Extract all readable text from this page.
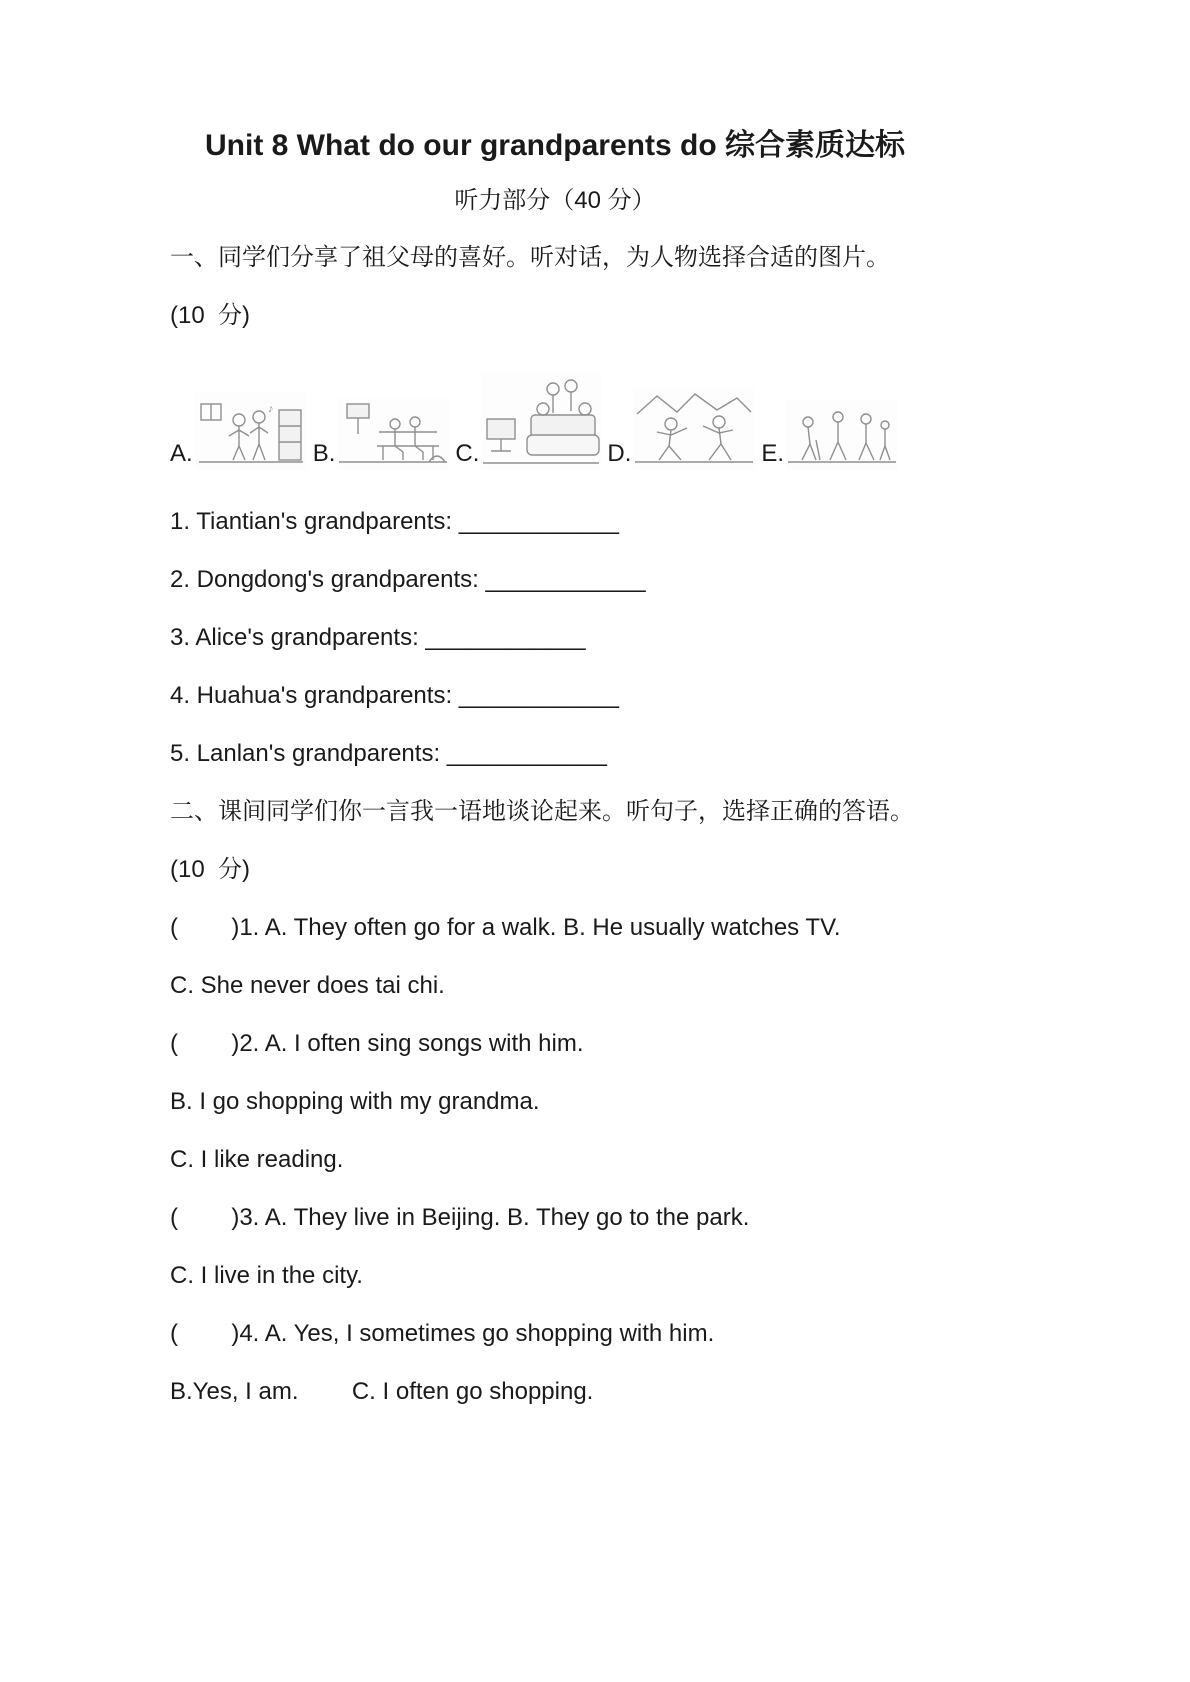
Unit 8 What do our grandparents do 综合素质达标
听力部分（40 分）

一、同学们分享了祖父母的喜好。听对话，为人物选择合适的图片。

(10  分)

A.
♪
B.	C.	D.	E.

1. Tiantian's grandparents: ____________

2. Dongdong's grandparents: ____________

3. Alice's grandparents: ____________

4. Huahua's grandparents: ____________

5. Lanlan's grandparents: ____________

二、课间同学们你一言我一语地谈论起来。听句子，选择正确的答语。

(10  分)

(        )1. A. They often go for a walk. B. He usually watches TV.

C. She never does tai chi.

(        )2. A. I often sing songs with him.

B. I go shopping with my grandma.

C. I like reading.

(        )3. A. They live in Beijing. B. They go to the park.

C. I live in the city.

(        )4. A. Yes, I sometimes go shopping with him.

B.Yes, I am.        C. I often go shopping.
